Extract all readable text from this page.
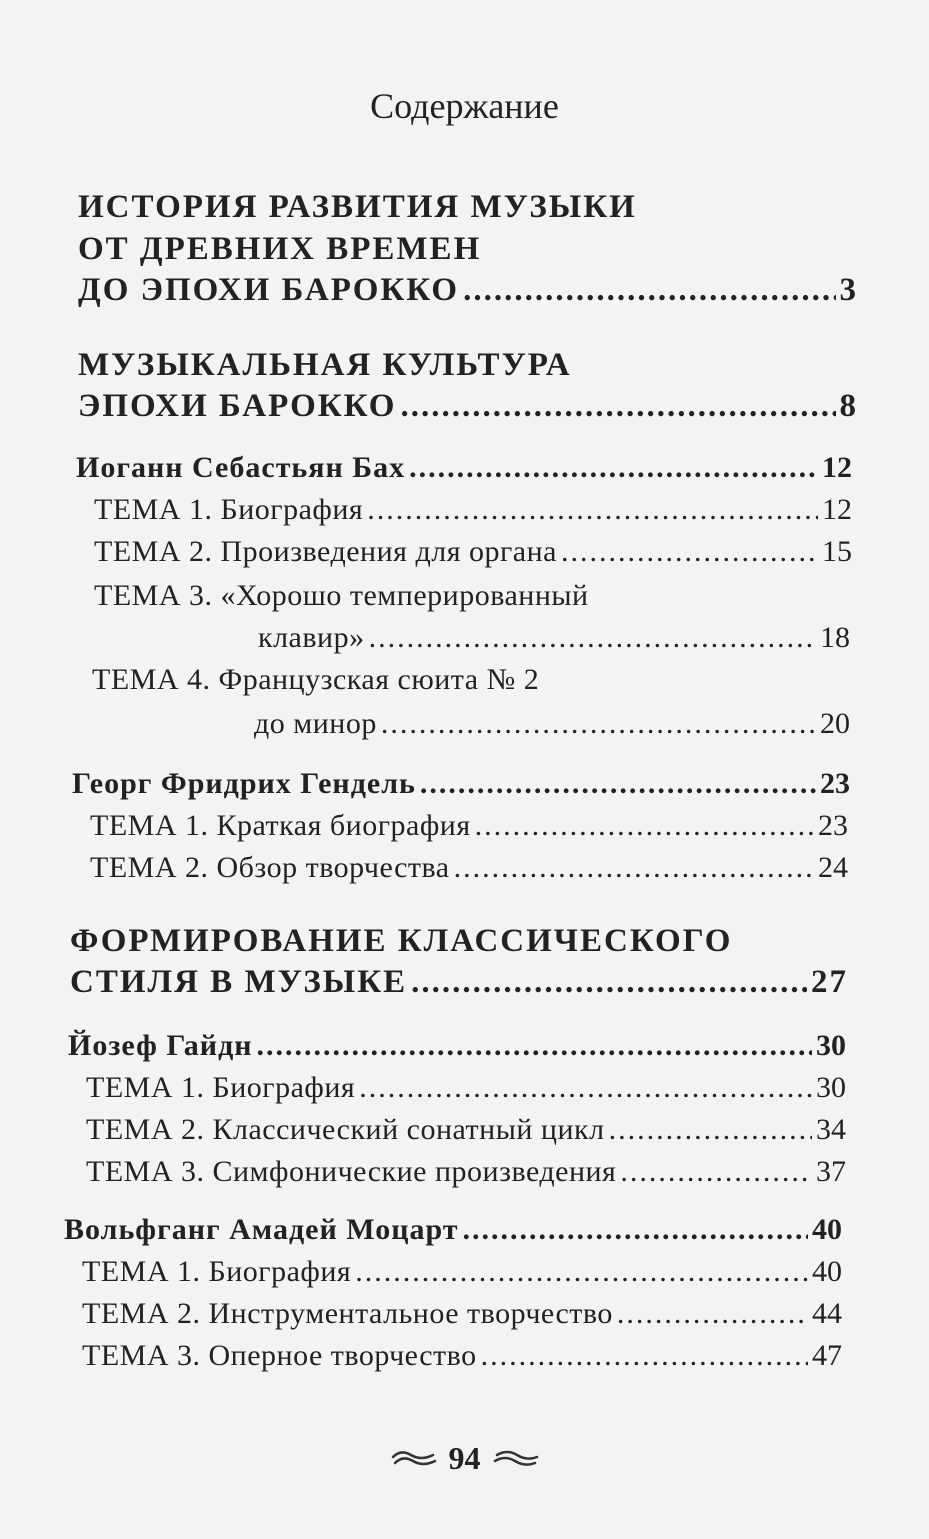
Содержание
ИСТОРИЯ РАЗВИТИЯ МУЗЫКИ
ОТ ДРЕВНИХ ВРЕМЕН
ДО ЭПОХИ БАРОККО .....	3
МУЗЫКАЛЬНАЯ КУЛЬТУРА
ЭПОХИ БАРОККО .....	8
Иоганн Себастьян Бах .....	12
ТЕМА 1. Биография .....	12
ТЕМА 2. Произведения для органа .....	15
ТЕМА 3. «Хорошо темперированный
клавир» .....	18
ТЕМА 4. Французская сюита № 2
до минор .....	20
Георг Фридрих Гендель .....	23
ТЕМА 1. Краткая биография .....	23
ТЕМА 2. Обзор творчества .....	24
ФОРМИРОВАНИЕ КЛАССИЧЕСКОГО
СТИЛЯ В МУЗЫКЕ .....	27
Йозеф Гайдн .....	30
ТЕМА 1. Биография .....	30
ТЕМА 2. Классический сонатный цикл .....	34
ТЕМА 3. Симфонические произведения .....	37
Вольфганг Амадей Моцарт .....	40
ТЕМА 1. Биография .....	40
ТЕМА 2. Инструментальное творчество .....	44
ТЕМА 3. Оперное творчество .....	47
94
